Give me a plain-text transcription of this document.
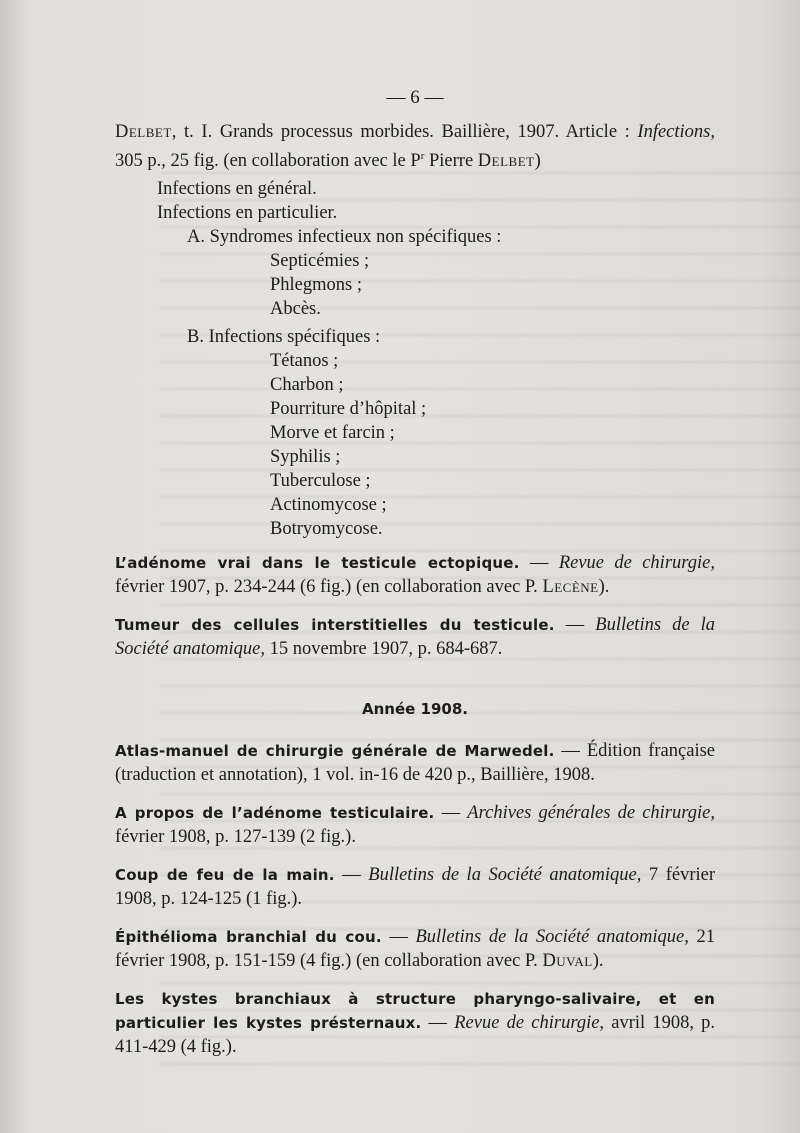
— 6 —

Delbet, t. I. Grands processus morbides. Baillière, 1907. Article : Infections, 305 p., 25 fig. (en collaboration avec le $P^r$ Pierre Delbet)

Infections en général.
Infections en particulier.
A. Syndromes infectieux non spécifiques :
Septicémies ;
Phlegmons ;
Abcès.
B. Infections spécifiques :
Tétanos ;
Charbon ;
Pourriture d’hôpital ;
Morve et farcin ;
Syphilis ;
Tuberculose ;
Actinomycose ;
Botryomycose.

L’adénome vrai dans le testicule ectopique. — Revue de chirurgie, février 1907, p. 234-244 (6 fig.) (en collaboration avec P. Lecène).

Tumeur des cellules interstitielles du testicule. — Bulletins de la Société anatomique, 15 novembre 1907, p. 684-687.

Année 1908.

Atlas-manuel de chirurgie générale de Marwedel. — Édition française (traduction et annotation), 1 vol. in-16 de 420 p., Baillière, 1908.

A propos de l’adénome testiculaire. — Archives générales de chirurgie, février 1908, p. 127-139 (2 fig.).

Coup de feu de la main. — Bulletins de la Société anatomique, 7 février 1908, p. 124-125 (1 fig.).

Épithélioma branchial du cou. — Bulletins de la Société anatomique, 21 février 1908, p. 151-159 (4 fig.) (en collaboration avec P. Duval).

Les kystes branchiaux à structure pharyngo-salivaire, et en particulier les kystes présternaux. — Revue de chirurgie, avril 1908, p. 411-429 (4 fig.).
